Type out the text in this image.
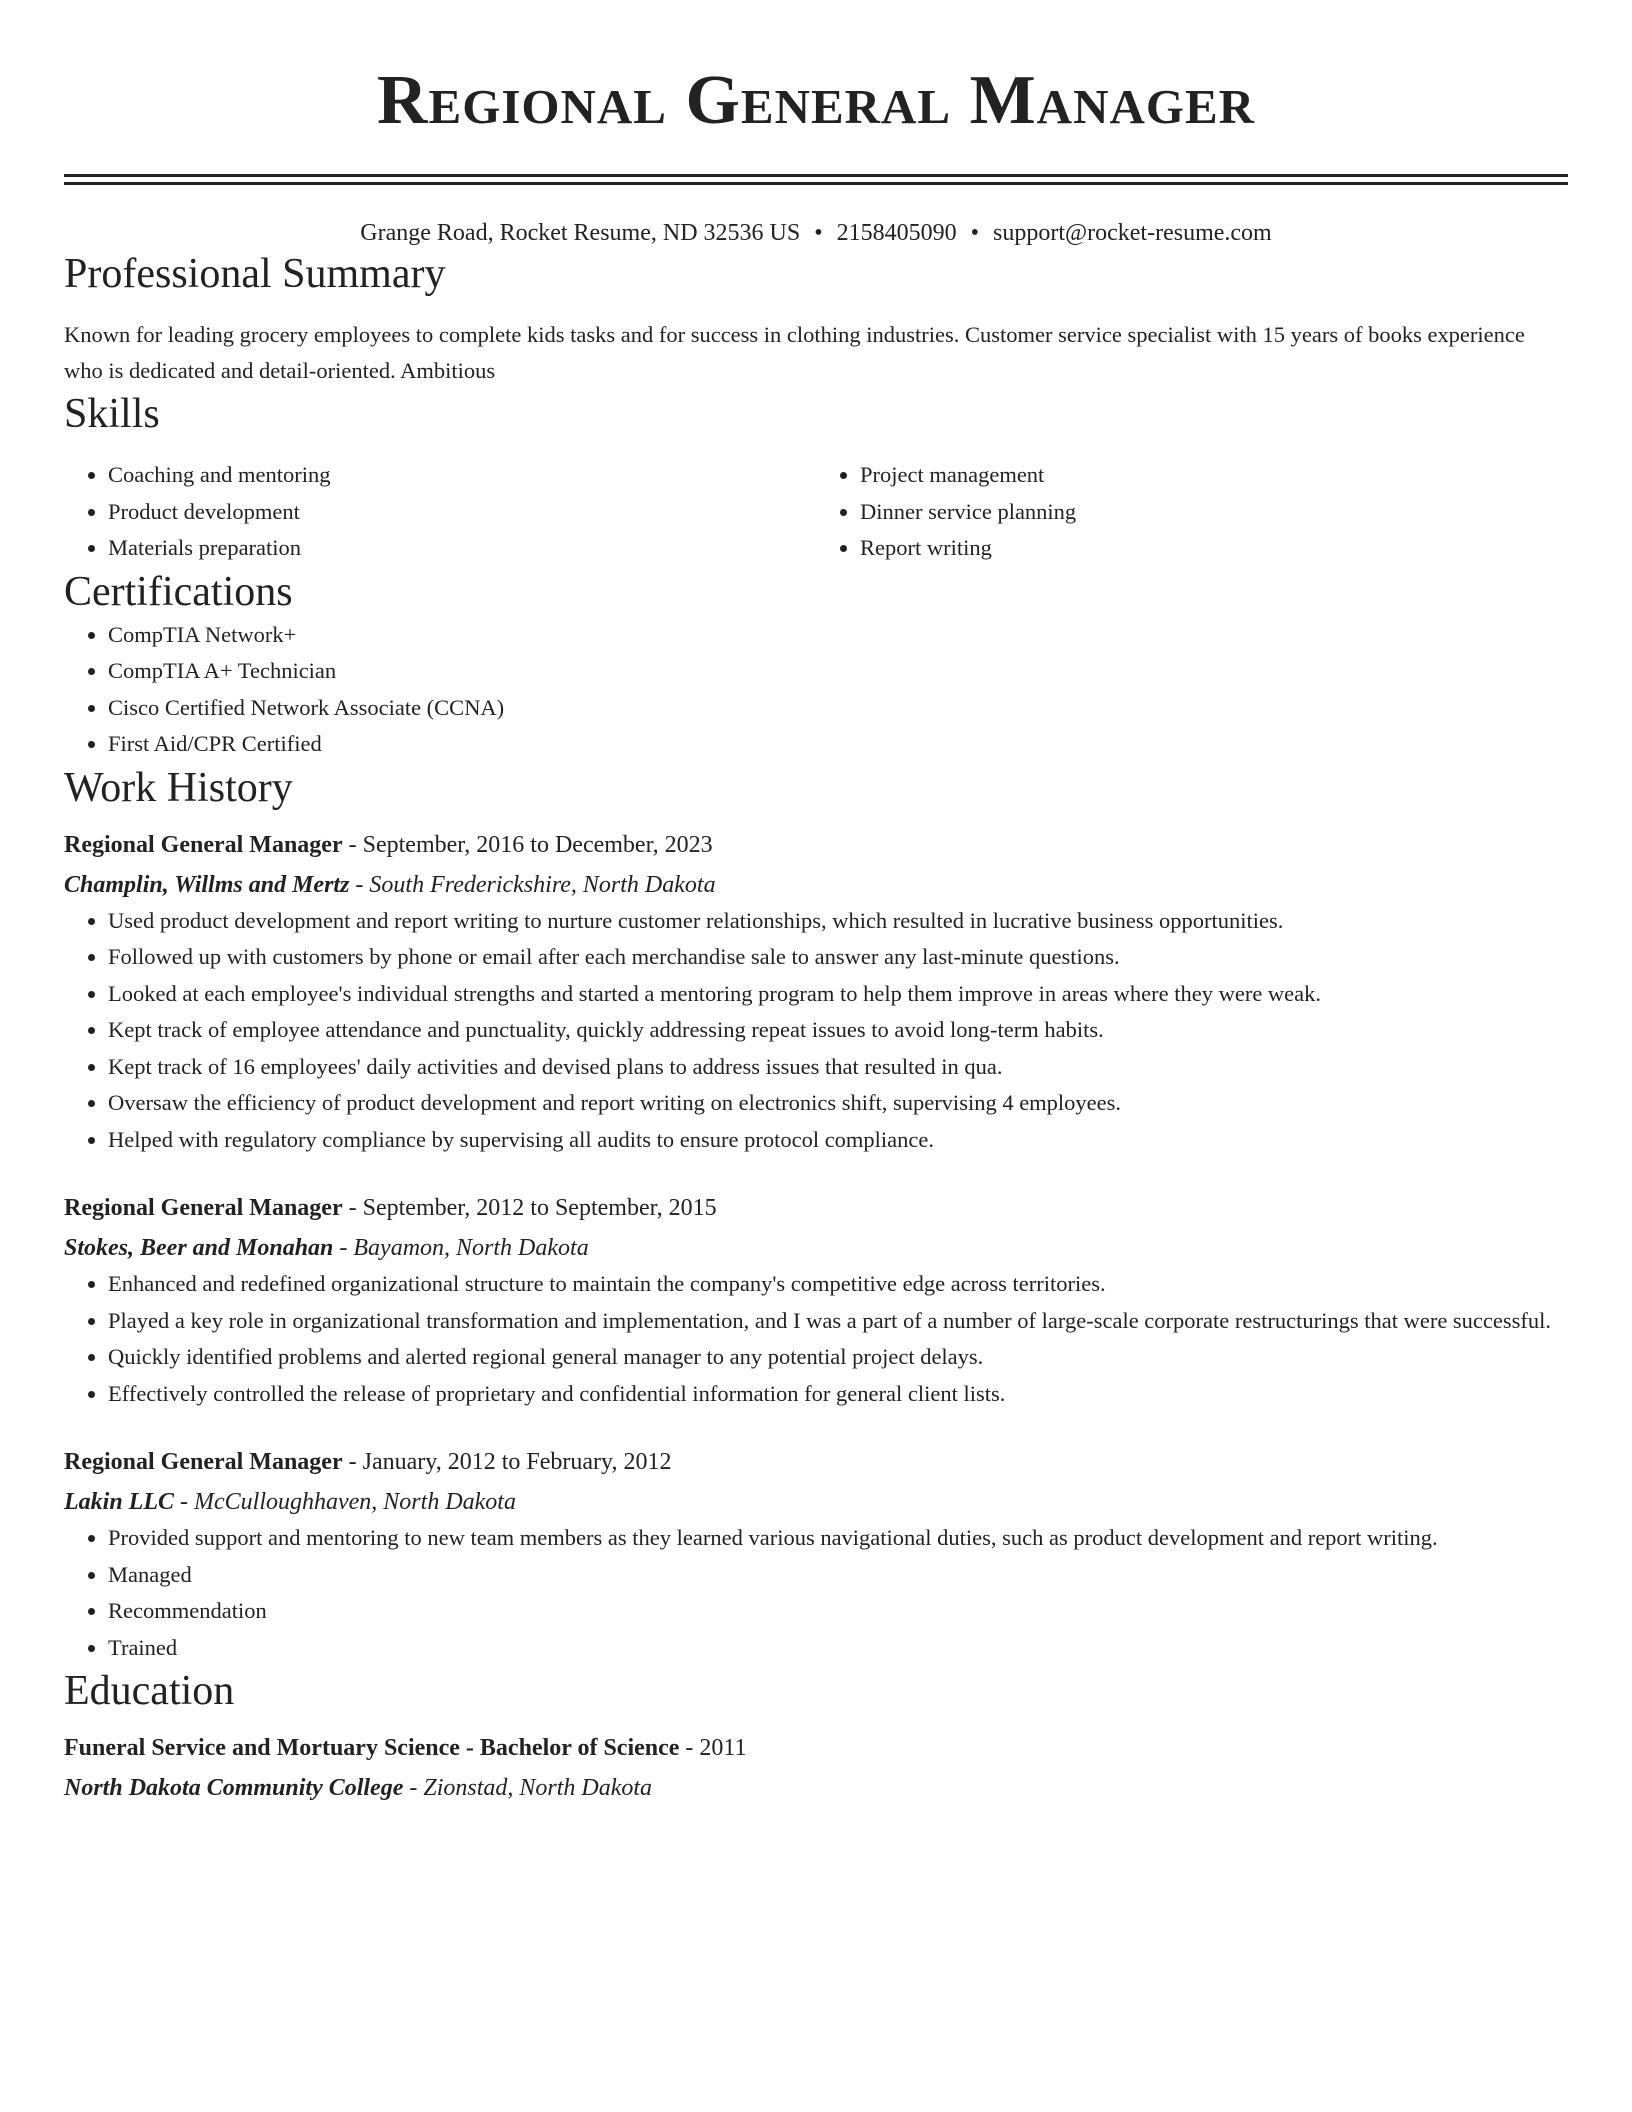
Regional General Manager
Grange Road, Rocket Resume, ND 32536 US • 2158405090 • support@rocket-resume.com
Professional Summary
Known for leading grocery employees to complete kids tasks and for success in clothing industries. Customer service specialist with 15 years of books experience who is dedicated and detail-oriented. Ambitious
Skills
• Coaching and mentoring
• Product development
• Materials preparation
• Project management
• Dinner service planning
• Report writing
Certifications
• CompTIA Network+
• CompTIA A+ Technician
• Cisco Certified Network Associate (CCNA)
• First Aid/CPR Certified
Work History
Regional General Manager - September, 2016 to December, 2023
Champlin, Willms and Mertz - South Frederickshire, North Dakota
• Used product development and report writing to nurture customer relationships, which resulted in lucrative business opportunities.
• Followed up with customers by phone or email after each merchandise sale to answer any last-minute questions.
• Looked at each employee's individual strengths and started a mentoring program to help them improve in areas where they were weak.
• Kept track of employee attendance and punctuality, quickly addressing repeat issues to avoid long-term habits.
• Kept track of 16 employees' daily activities and devised plans to address issues that resulted in qua.
• Oversaw the efficiency of product development and report writing on electronics shift, supervising 4 employees.
• Helped with regulatory compliance by supervising all audits to ensure protocol compliance.
Regional General Manager - September, 2012 to September, 2015
Stokes, Beer and Monahan - Bayamon, North Dakota
• Enhanced and redefined organizational structure to maintain the company's competitive edge across territories.
• Played a key role in organizational transformation and implementation, and I was a part of a number of large-scale corporate restructurings that were successful.
• Quickly identified problems and alerted regional general manager to any potential project delays.
• Effectively controlled the release of proprietary and confidential information for general client lists.
Regional General Manager - January, 2012 to February, 2012
Lakin LLC - McCulloughhaven, North Dakota
• Provided support and mentoring to new team members as they learned various navigational duties, such as product development and report writing.
• Managed
• Recommendation
• Trained
Education
Funeral Service and Mortuary Science - Bachelor of Science - 2011
North Dakota Community College - Zionstad, North Dakota
